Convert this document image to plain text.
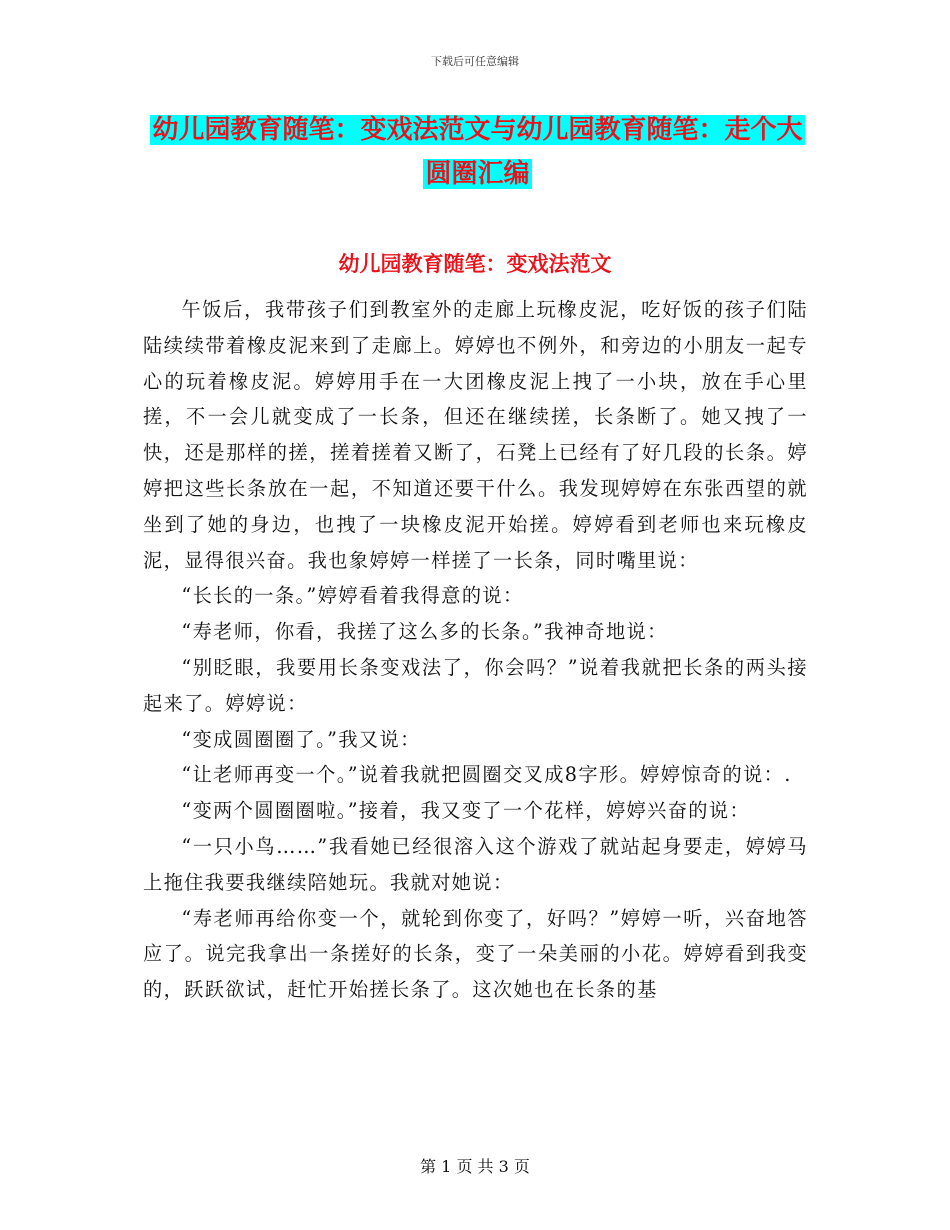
下载后可任意编辑
幼儿园教育随笔：变戏法范文与幼儿园教育随笔：走个大圆圈汇编
幼儿园教育随笔：变戏法范文

午饭后，我带孩子们到教室外的走廊上玩橡皮泥，吃好饭的孩子们陆陆续续带着橡皮泥来到了走廊上。婷婷也不例外，和旁边的小朋友一起专心的玩着橡皮泥。婷婷用手在一大团橡皮泥上拽了一小块，放在手心里搓，不一会儿就变成了一长条，但还在继续搓，长条断了。她又拽了一快，还是那样的搓，搓着搓着又断了，石凳上已经有了好几段的长条。婷婷把这些长条放在一起，不知道还要干什么。我发现婷婷在东张西望的就坐到了她的身边，也拽了一块橡皮泥开始搓。婷婷看到老师也来玩橡皮泥，显得很兴奋。我也象婷婷一样搓了一长条，同时嘴里说：

“长长的一条。”婷婷看着我得意的说：

“寿老师，你看，我搓了这么多的长条。”我神奇地说：

“别眨眼，我要用长条变戏法了，你会吗？”说着我就把长条的两头接起来了。婷婷说：

“变成圆圈圈了。”我又说：

“让老师再变一个。”说着我就把圆圈交叉成8字形。婷婷惊奇的说：.

“变两个圆圈圈啦。”接着，我又变了一个花样，婷婷兴奋的说：

“一只小鸟……”我看她已经很溶入这个游戏了就站起身要走，婷婷马上拖住我要我继续陪她玩。我就对她说：

“寿老师再给你变一个，就轮到你变了，好吗？”婷婷一听，兴奋地答应了。说完我拿出一条搓好的长条，变了一朵美丽的小花。婷婷看到我变的，跃跃欲试，赶忙开始搓长条了。这次她也在长条的基

第 1 页 共 3 页
